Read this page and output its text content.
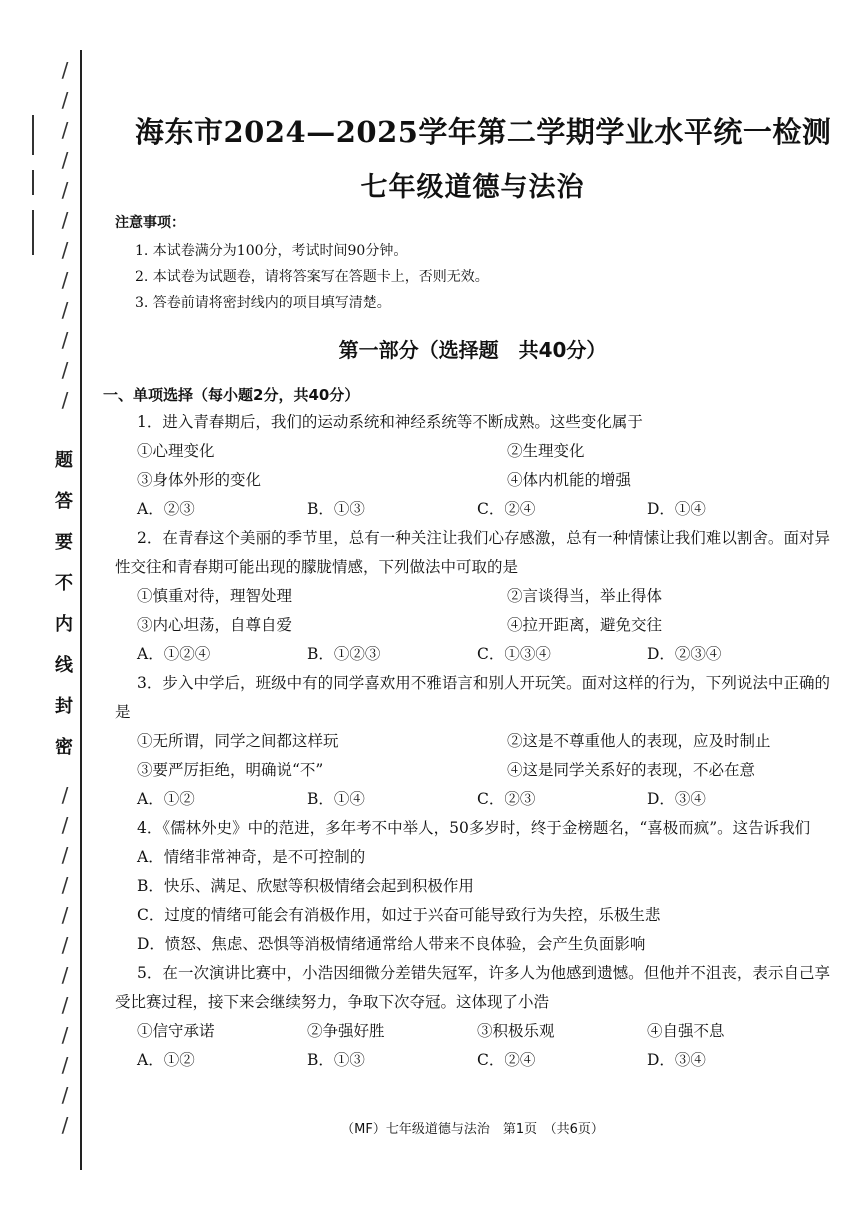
/
/
/
/
/
/
/
/
/
/
/
/
题
答
要
不
内
线
封
密
/
/
/
/
/
/
/
/
/
/
/
/
海东市2024—2025学年第二学期学业水平统一检测
七年级道德与法治
注意事项：
1. 本试卷满分为100分，考试时间90分钟。
2. 本试卷为试题卷，请将答案写在答题卡上，否则无效。
3. 答卷前请将密封线内的项目填写清楚。
第一部分（选择题　共40分）
一、单项选择（每小题2分，共40分）
1．进入青春期后，我们的运动系统和神经系统等不断成熟。这些变化属于
①心理变化	②生理变化
③身体外形的变化	④体内机能的增强
A．②③	B．①③	C．②④	D．①④
2．在青春这个美丽的季节里，总有一种关注让我们心存感激，总有一种情愫让我们难以割舍。面对异性交往和青春期可能出现的朦胧情感，下列做法中可取的是
①慎重对待，理智处理	②言谈得当，举止得体
③内心坦荡，自尊自爱	④拉开距离，避免交往
A．①②④	B．①②③	C．①③④	D．②③④
3．步入中学后，班级中有的同学喜欢用不雅语言和别人开玩笑。面对这样的行为，下列说法中正确的是
①无所谓，同学之间都这样玩	②这是不尊重他人的表现，应及时制止
③要严厉拒绝，明确说“不”	④这是同学关系好的表现，不必在意
A．①②	B．①④	C．②③	D．③④
4．《儒林外史》中的范进，多年考不中举人，50多岁时，终于金榜题名，“喜极而疯”。这告诉我们
A．情绪非常神奇，是不可控制的
B．快乐、满足、欣慰等积极情绪会起到积极作用
C．过度的情绪可能会有消极作用，如过于兴奋可能导致行为失控，乐极生悲
D．愤怒、焦虑、恐惧等消极情绪通常给人带来不良体验，会产生负面影响
5．在一次演讲比赛中，小浩因细微分差错失冠军，许多人为他感到遗憾。但他并不沮丧，表示自己享受比赛过程，接下来会继续努力，争取下次夺冠。这体现了小浩
①信守承诺	②争强好胜	③积极乐观	④自强不息
A．①②	B．①③	C．②④	D．③④
（MF）七年级道德与法治　第1页　（共6页）
